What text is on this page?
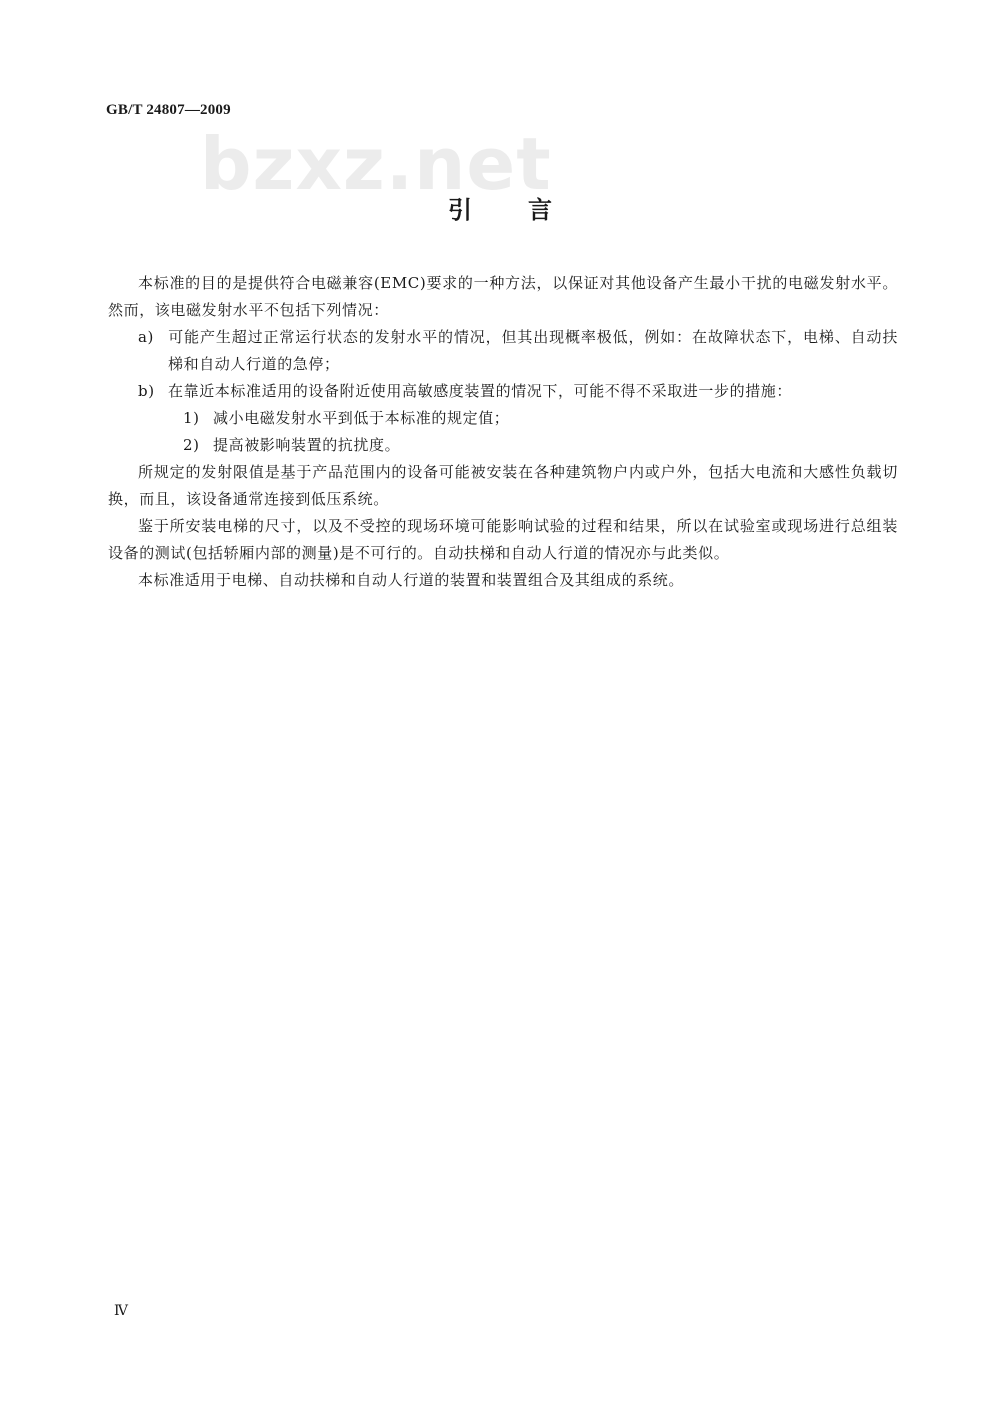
GB/T 24807—2009
bzxz.net
引言

本标准的目的是提供符合电磁兼容(EMC)要求的一种方法，以保证对其他设备产生最小干扰的电磁发射水平。然而，该电磁发射水平不包括下列情况：

a) 可能产生超过正常运行状态的发射水平的情况，但其出现概率极低，例如：在故障状态下，电梯、自动扶梯和自动人行道的急停；

b) 在靠近本标准适用的设备附近使用高敏感度装置的情况下，可能不得不采取进一步的措施：

1) 减小电磁发射水平到低于本标准的规定值；

2) 提高被影响装置的抗扰度。

所规定的发射限值是基于产品范围内的设备可能被安装在各种建筑物户内或户外，包括大电流和大感性负载切换，而且，该设备通常连接到低压系统。

鉴于所安装电梯的尺寸，以及不受控的现场环境可能影响试验的过程和结果，所以在试验室或现场进行总组装设备的测试(包括轿厢内部的测量)是不可行的。自动扶梯和自动人行道的情况亦与此类似。

本标准适用于电梯、自动扶梯和自动人行道的装置和装置组合及其组成的系统。

Ⅳ
